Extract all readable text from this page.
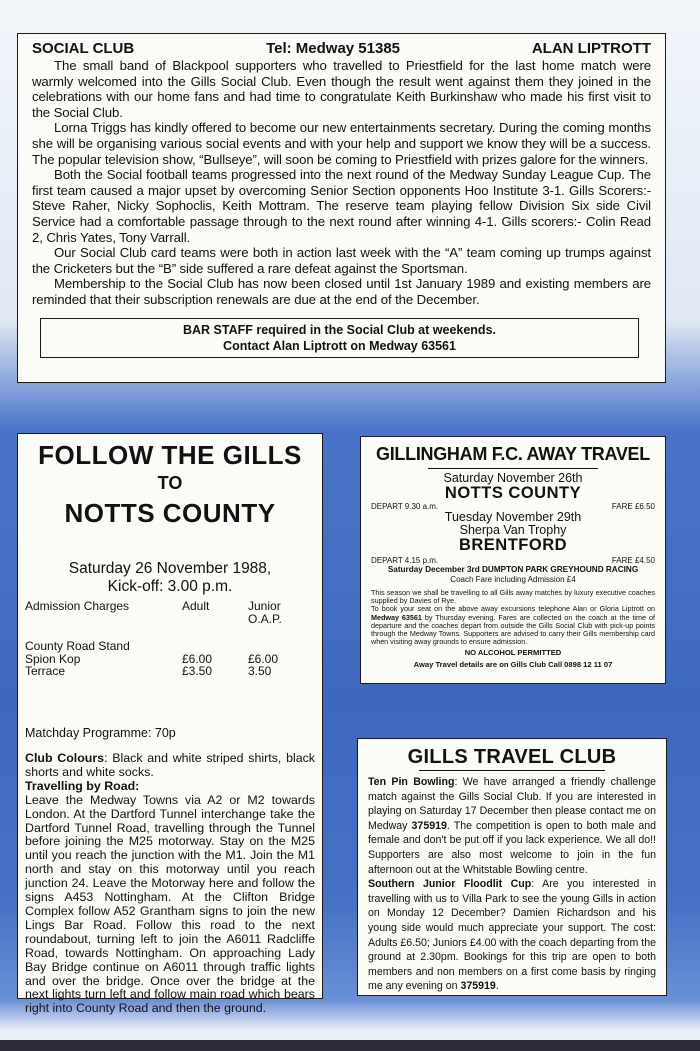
SOCIAL CLUB	Tel: Medway 51385	ALAN LIPTROTT

The small band of Blackpool supporters who travelled to Priestfield for the last home match were warmly welcomed into the Gills Social Club. Even though the result went against them they joined in the celebrations with our home fans and had time to congratulate Keith Burkinshaw who made his first visit to the Social Club.

Lorna Triggs has kindly offered to become our new entertainments secretary. During the coming months she will be organising various social events and with your help and support we know they will be a success. The popular television show, “Bullseye”, will soon be coming to Priestfield with prizes galore for the winners.

Both the Social football teams progressed into the next round of the Medway Sunday League Cup. The first team caused a major upset by overcoming Senior Section opponents Hoo Institute 3-1. Gills Scorers:- Steve Raher, Nicky Sophoclis, Keith Mottram. The reserve team playing fellow Division Six side Civil Service had a comfortable passage through to the next round after winning 4-1. Gills scorers:- Colin Read 2, Chris Yates, Tony Varrall.

Our Social Club card teams were both in action last week with the “A” team coming up trumps against the Cricketers but the “B” side suffered a rare defeat against the Sportsman.

Membership to the Social Club has now been closed until 1st January 1989 and existing members are reminded that their subscription renewals are due at the end of the December.

BAR STAFF required in the Social Club at weekends.
Contact Alan Liptrott on Medway 63561
FOLLOW THE GILLS
TO
NOTTS COUNTY
Saturday 26 November 1988,
Kick-off: 3.00 p.m.
Admission Charges	Adult	Junior
O.A.P.
County Road Stand
Spion Kop	£6.00	£6.00
Terrace	£3.50	3.50
Matchday Programme: 70p
Club Colours: Black and white striped shirts, black shorts and white socks.
Travelling by Road:
Leave the Medway Towns via A2 or M2 towards London. At the Dartford Tunnel interchange take the Dartford Tunnel Road, travelling through the Tunnel before joining the M25 motorway. Stay on the M25 until you reach the junction with the M1. Join the M1 north and stay on this motorway until you reach junction 24. Leave the Motorway here and follow the signs A453 Nottingham. At the Clifton Bridge Complex follow A52 Grantham signs to join the new Lings Bar Road. Follow this road to the next roundabout, turning left to join the A6011 Radcliffe Road, towards Nottingham. On approaching Lady Bay Bridge continue on A6011 through traffic lights and over the bridge. Once over the bridge at the next lights turn left and follow main road which bears right into County Road and then the ground.
GILLINGHAM F.C. AWAY TRAVEL
Saturday November 26th
NOTTS COUNTY
DEPART 9.30 a.m.	FARE £6.50
Tuesday November 29th
Sherpa Van Trophy
BRENTFORD
DEPART 4.15 p.m.	FARE £4.50
Saturday December 3rd DUMPTON PARK GREYHOUND RACING
Coach Fare including Admission £4
This season we shall be travelling to all Gills away matches by luxury executive coaches supplied by Davies of Rye.
To book your seat on the above away excursions telephone Alan or Gloria Liptrott on Medway 63561 by Thursday evening. Fares are collected on the coach at the time of departure and the coaches depart from outside the Gills Social Club with pick-up points through the Medway Towns. Supporters are advised to carry their Gills membership card when visiting away grounds to ensure admission.
NO ALCOHOL PERMITTED
Away Travel details are on Gills Club Call 0898 12 11 07
GILLS TRAVEL CLUB

Ten Pin Bowling: We have arranged a friendly challenge match against the Gills Social Club. If you are interested in playing on Saturday 17 December then please contact me on Medway 375919. The competition is open to both male and female and don't be put off if you lack experience. We all do!! Supporters are also most welcome to join in the fun afternoon out at the Whitstable Bowling centre.

Southern Junior Floodlit Cup: Are you interested in travelling with us to Villa Park to see the young Gills in action on Monday 12 December? Damien Richardson and his young side would much appreciate your support. The cost: Adults £6.50; Juniors £4.00 with the coach departing from the ground at 2.30pm. Bookings for this trip are open to both members and non members on a first come basis by ringing me any evening on 375919.
